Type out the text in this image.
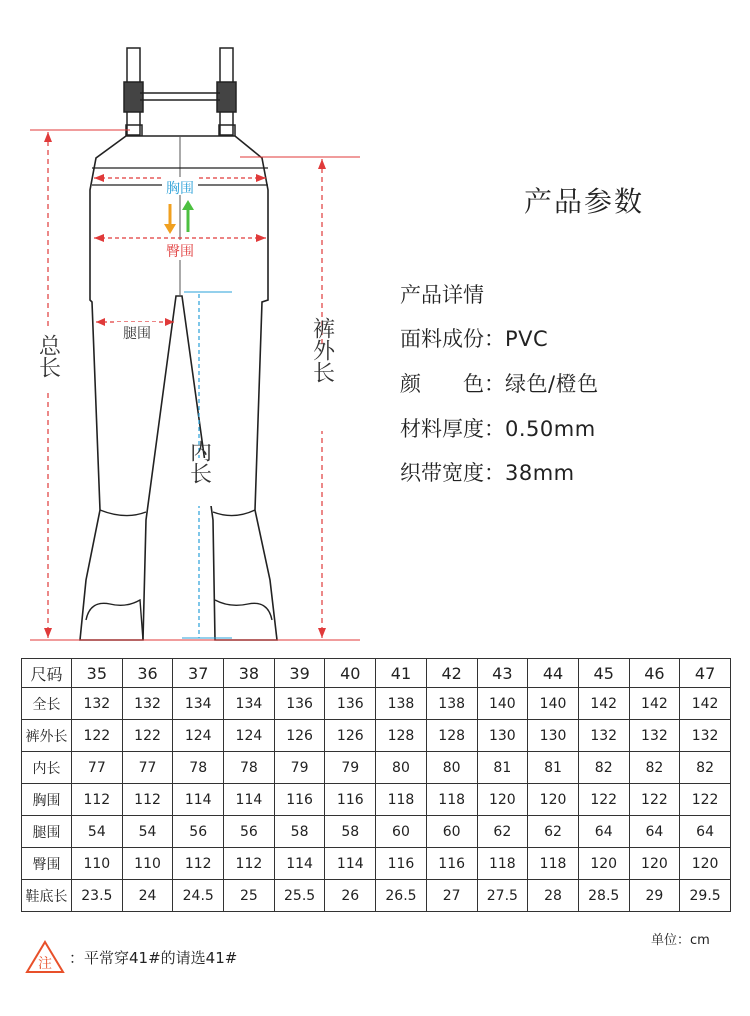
总长	裤外长
内长
胸围
臀围
腿围
产品参数
产品详情
面料成份：PVC
颜　　色：绿色/橙色
材料厚度：0.50mm
织带宽度：38mm
尺码	35	36	37	38	39	40	41	42	43	44	45	46	47
全长	132	132	134	134	136	136	138	138	140	140	142	142	142
裤外长	122	122	124	124	126	126	128	128	130	130	132	132	132
内长	77	77	78	78	79	79	80	80	81	81	82	82	82
胸围	112	112	114	114	116	116	118	118	120	120	122	122	122
腿围	54	54	56	56	58	58	60	60	62	62	64	64	64
臀围	110	110	112	112	114	114	116	116	118	118	120	120	120
鞋底长	23.5	24	24.5	25	25.5	26	26.5	27	27.5	28	28.5	29	29.5
单位：cm
注 ：平常穿41#的请选41#
